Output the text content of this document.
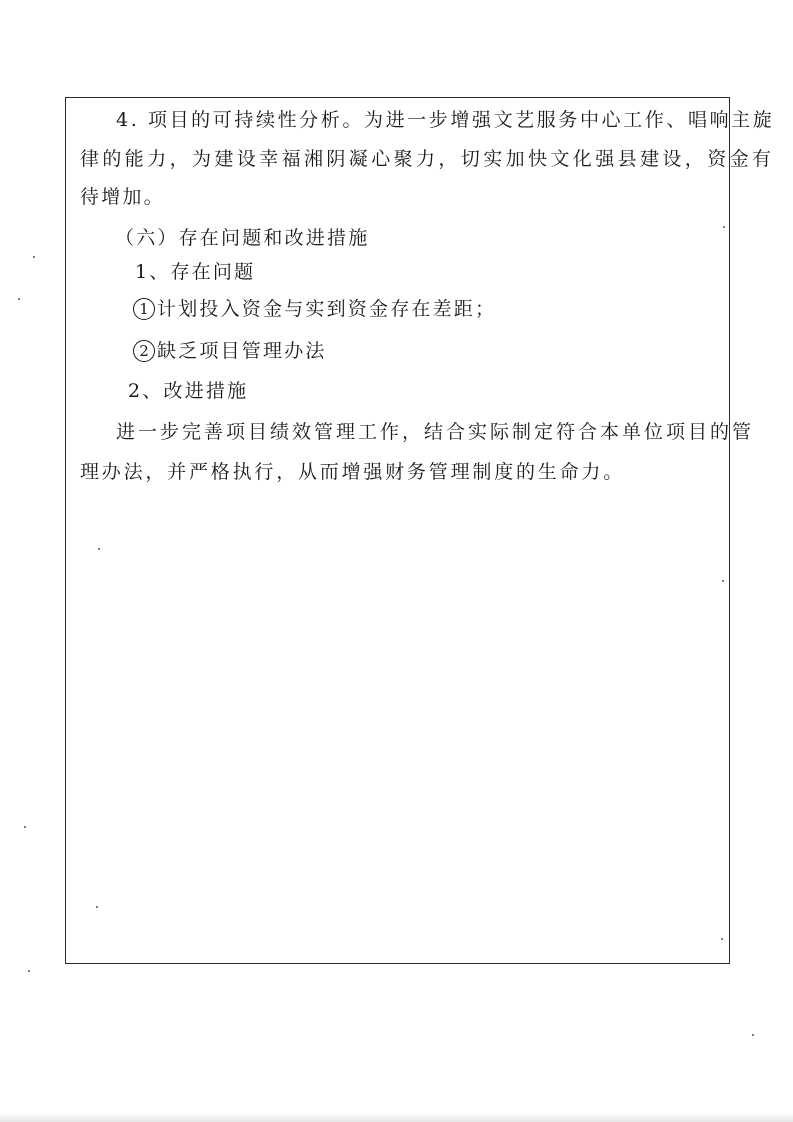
4. 项目的可持续性分析。为进一步增强文艺服务中心工作、唱响主旋
律的能力，为建设幸福湘阴凝心聚力，切实加快文化强县建设，资金有
待增加。
（六）存在问题和改进措施
1、存在问题
1 计划投入资金与实到资金存在差距；
2 缺乏项目管理办法
2、改进措施
进一步完善项目绩效管理工作，结合实际制定符合本单位项目的管
理办法，并严格执行，从而增强财务管理制度的生命力。
